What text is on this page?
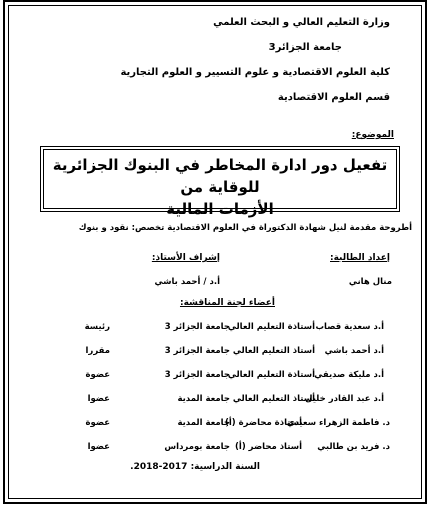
وزارة التعليم العالي و البحث العلمي
جامعة الجزائر3
كلية العلوم الاقتصادية و علوم التسيير و العلوم التجارية
قسم العلوم الاقتصادية
الموضوع:
تفعيل دور ادارة المخاطر في البنوك الجزائرية للوقاية من
الأزمات المالية
أطروحة مقدمة لنيل شهادة الدكتوراة في العلوم الاقتصادية تخصص: نقود و بنوك
إعداد الطالبة:
إشراف الأستاذ:
منال هاني
أ.د / أحمد باشي
أعضاء لجنة المناقشة:
أ.د سعدية قصاب
أستاذة التعليم العالي
جامعة الجزائر 3
رئيسة
أ.د أحمد باشي
أستاذ التعليم العالي
جامعة الجزائر 3
مقررا
أ.د مليكة صديقي
أستاذة التعليم العالي
جامعة الجزائر 3
عضوة
أ.د عبد القادر خليل
أستاذ التعليم العالي
جامعة المدية
عضوا
د. فاطمة الزهراء سعيدي
أستاذة محاضرة (أ)
جامعة المدية
عضوة
د. فريد بن طالبي
أستاذ محاضر (أ)
جامعة بومرداس
عضوا
السنة الدراسية: 2017-2018.
